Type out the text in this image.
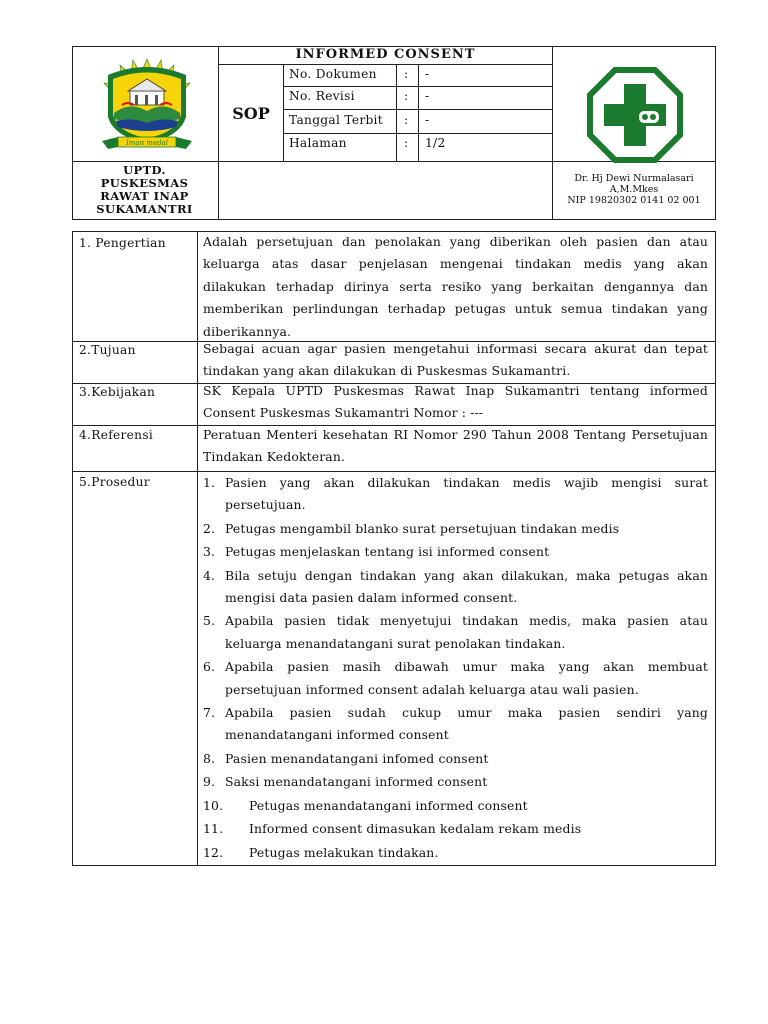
Iman medal
INFORMED CONSENT
SOP
No. Dokumen : -
No. Revisi	: -
Tanggal Terbit : -
Halaman	: 1/2
UPTD.
PUSKESMAS
RAWAT INAP
SUKAMANTRI
Dr. Hj Dewi Nurmalasari
A,M.Mkes
NIP 19820302 0141 02 001
1. Pengertian	Adalah persetujuan dan penolakan yang diberikan oleh pasien dan atau keluarga atas dasar penjelasan mengenai tindakan medis yang akan dilakukan terhadap dirinya serta resiko yang berkaitan dengannya dan memberikan perlindungan terhadap petugas untuk semua tindakan yang diberikannya.
2.Tujuan	Sebagai acuan agar pasien mengetahui informasi secara akurat dan tepat tindakan yang akan dilakukan di Puskesmas Sukamantri.
3.Kebijakan	SK Kepala UPTD Puskesmas Rawat Inap Sukamantri tentang informed Consent Puskesmas Sukamantri Nomor : ---
4.Referensi	Peratuan Menteri kesehatan RI Nomor 290 Tahun 2008 Tentang Persetujuan Tindakan Kedokteran.
5.Prosedur	1. Pasien yang akan dilakukan tindakan medis wajib mengisi surat persetujuan.
2. Petugas mengambil blanko surat persetujuan tindakan medis
3. Petugas menjelaskan tentang isi informed consent
4. Bila setuju dengan tindakan yang akan dilakukan, maka petugas akan mengisi data pasien dalam informed consent.
5. Apabila pasien tidak menyetujui tindakan medis, maka pasien atau keluarga menandatangani surat penolakan tindakan.
6. Apabila pasien masih dibawah umur maka yang akan membuat persetujuan informed consent adalah keluarga atau wali pasien.
7. Apabila pasien sudah cukup umur maka pasien sendiri yang menandatangani informed consent
8. Pasien menandatangani infomed consent
9. Saksi menandatangani informed consent
10. Petugas menandatangani informed consent
11. Informed consent dimasukan kedalam rekam medis
12. Petugas melakukan tindakan.
